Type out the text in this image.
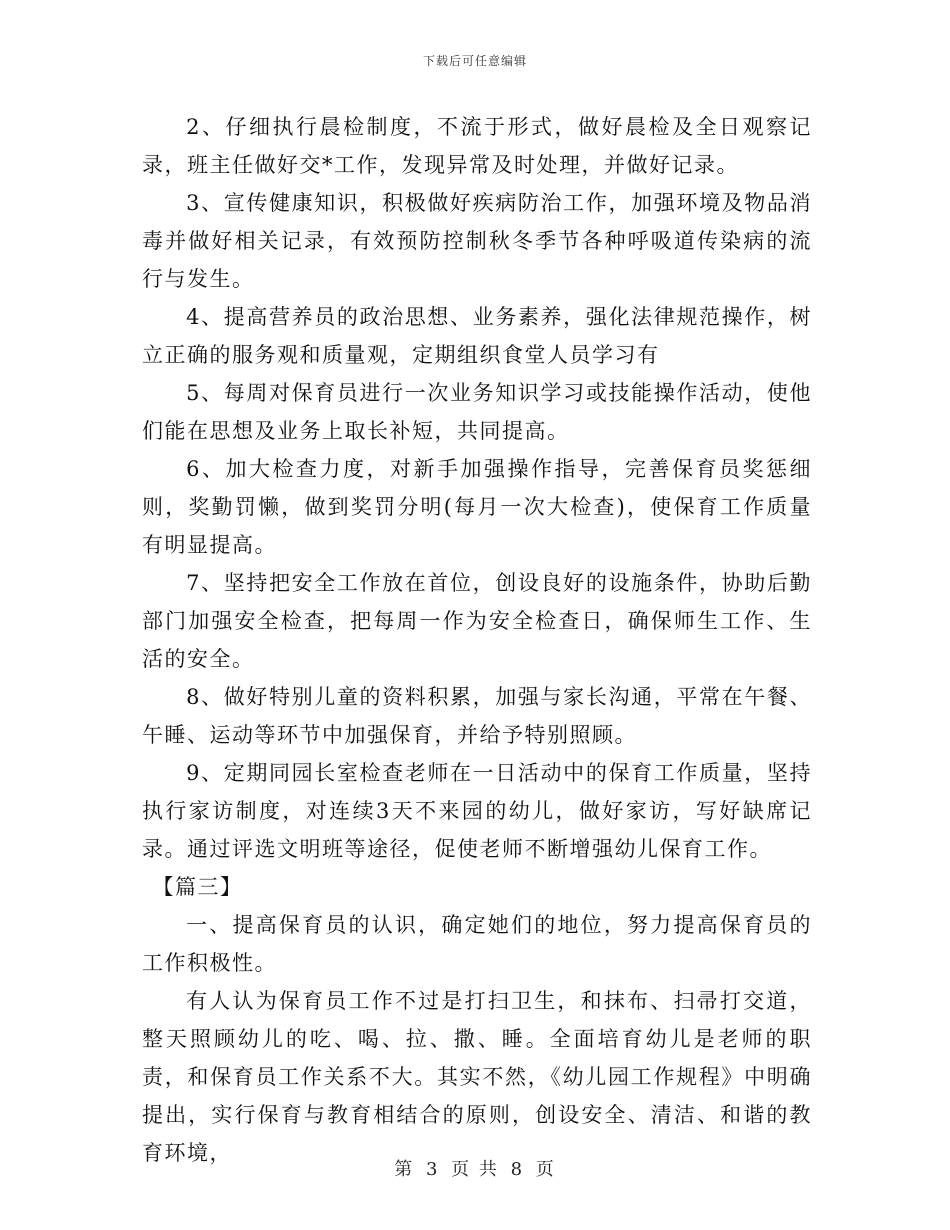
下载后可任意编辑

2、仔细执行晨检制度，不流于形式，做好晨检及全日观察记录，班主任做好交*工作，发现异常及时处理，并做好记录。

3、宣传健康知识，积极做好疾病防治工作，加强环境及物品消毒并做好相关记录，有效预防控制秋冬季节各种呼吸道传染病的流行与发生。

4、提高营养员的政治思想、业务素养，强化法律规范操作，树立正确的服务观和质量观，定期组织食堂人员学习有

5、每周对保育员进行一次业务知识学习或技能操作活动，使他们能在思想及业务上取长补短，共同提高。

6、加大检查力度，对新手加强操作指导，完善保育员奖惩细则，奖勤罚懒，做到奖罚分明(每月一次大检查)，使保育工作质量有明显提高。

7、坚持把安全工作放在首位，创设良好的设施条件，协助后勤部门加强安全检查，把每周一作为安全检查日，确保师生工作、生活的安全。

8、做好特别儿童的资料积累，加强与家长沟通，平常在午餐、午睡、运动等环节中加强保育，并给予特别照顾。

9、定期同园长室检查老师在一日活动中的保育工作质量，坚持执行家访制度，对连续3天不来园的幼儿，做好家访，写好缺席记录。通过评选文明班等途径，促使老师不断增强幼儿保育工作。

【篇三】

一、提高保育员的认识，确定她们的地位，努力提高保育员的工作积极性。

有人认为保育员工作不过是打扫卫生，和抹布、扫帚打交道，整天照顾幼儿的吃、喝、拉、撒、睡。全面培育幼儿是老师的职责，和保育员工作关系不大。其实不然，《幼儿园工作规程》中明确提出，实行保育与教育相结合的原则，创设安全、清洁、和谐的教育环境，

第 3 页 共 8 页
